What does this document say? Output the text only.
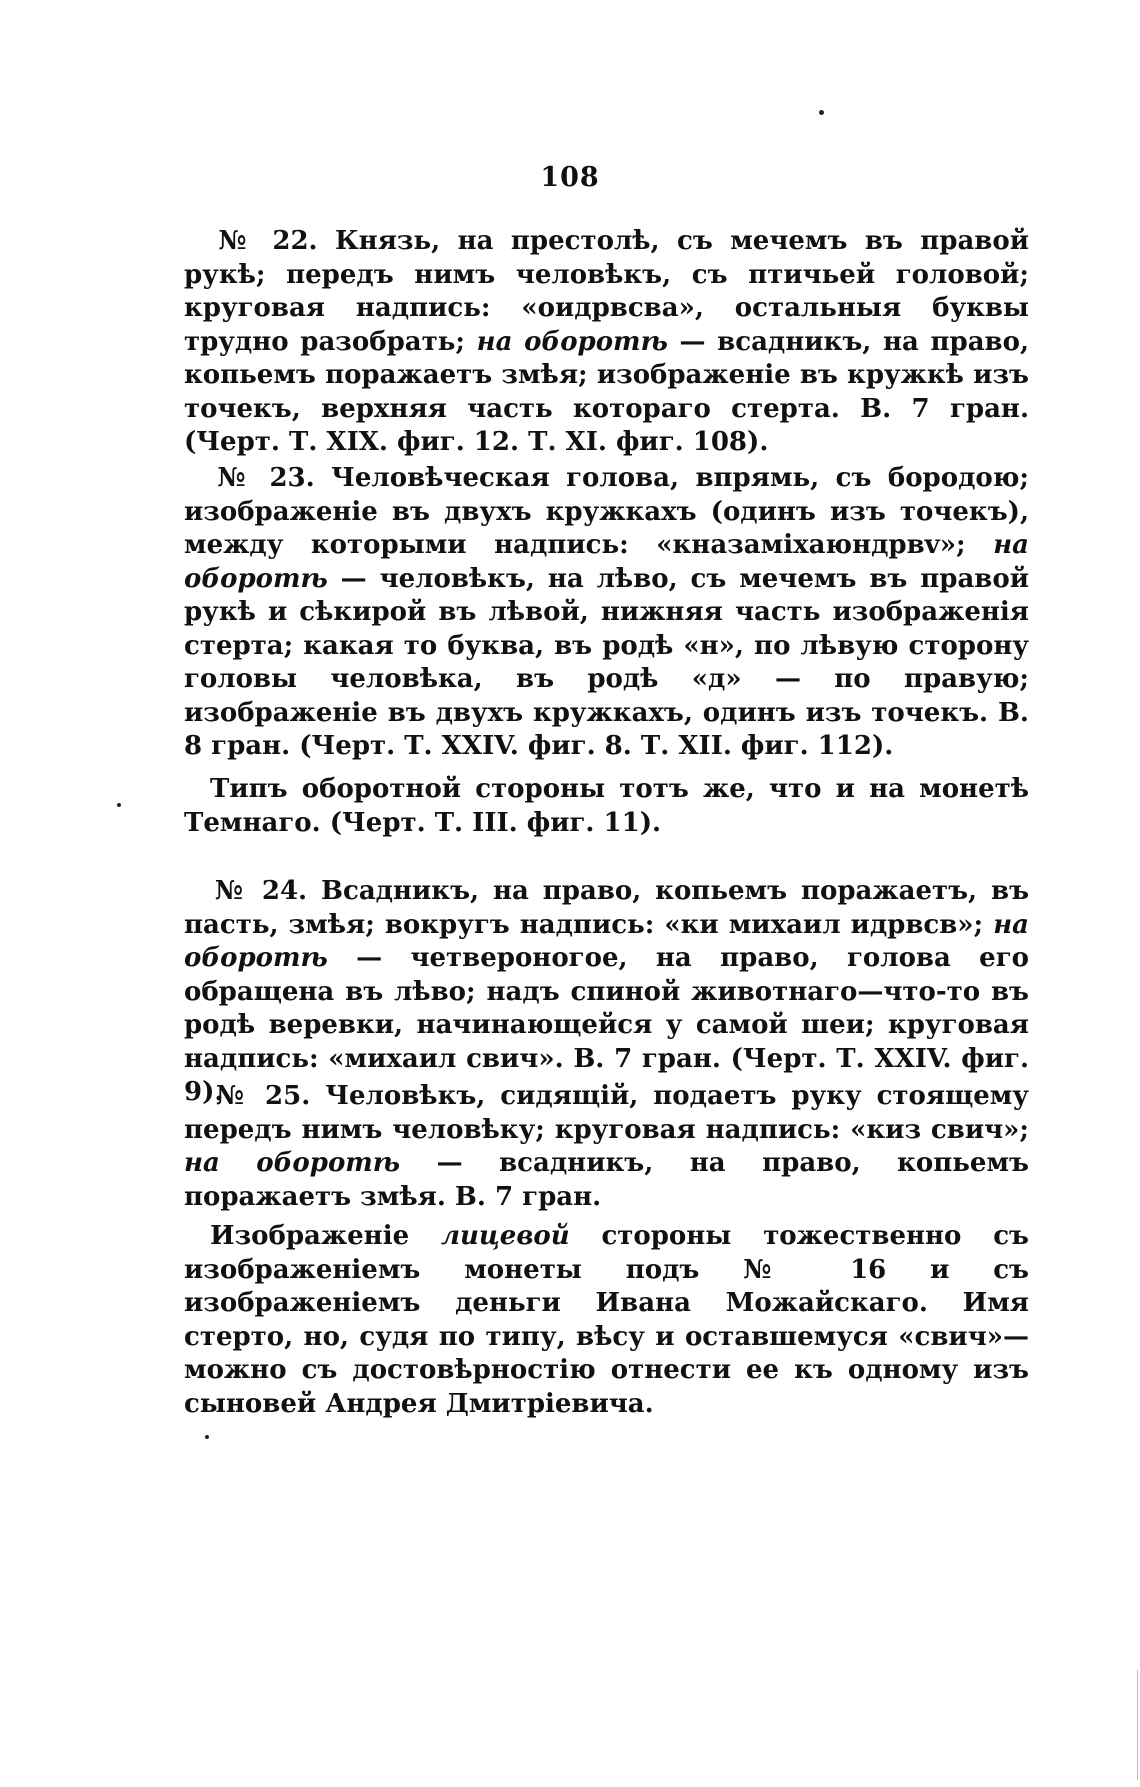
108

 № 22. Князь, на престолѣ, съ мечемъ въ правой рукѣ; передъ нимъ человѣкъ, съ птичьей головой; круговая надпись: «оидрвсва», остальныя буквы трудно разобрать; на оборотѣ — всадникъ, на право, копьемъ поражаетъ змѣя; изображеніе въ кружкѣ изъ точекъ, верхняя часть котораго стерта. В. 7 гран. (Черт. Т. XIX. фиг. 12. Т. XI. фиг. 108).

 № 23. Человѣческая голова, впрямь, съ бородою; изображеніе въ двухъ кружкахъ (одинъ изъ точекъ), между которыми надпись: «кназамiхаюндрвv»; на оборотѣ — человѣкъ, на лѣво, съ мечемъ въ правой рукѣ и сѣкирой въ лѣвой, нижняя часть изображенія стерта; какая то буква, въ родѣ «н», по лѣвую сторону головы человѣка, въ родѣ «д» — по правую; изображеніе въ двухъ кружкахъ, одинъ изъ точекъ. В. 8 гран. (Черт. Т. XXIV. фиг. 8. Т. XII. фиг. 112).

 Типъ оборотной стороны тотъ же, что и на монетѣ Темнаго. (Черт. Т. III. фиг. 11).

 № 24. Всадникъ, на право, копьемъ поражаетъ, въ пасть, змѣя; вокругъ надпись: «ки михаил идрвсв»; на оборотѣ — четвероногое, на право, голова его обращена въ лѣво; надъ спиной животнаго—что-то въ родѣ веревки, начинающейся у самой шеи; круговая надпись: «михаил свич». В. 7 гран. (Черт. Т. XXIV. фиг. 9).

 № 25. Человѣкъ, сидящій, подаетъ руку стоящему передъ нимъ человѣку; круговая надпись: «киз свич»; на оборотѣ — всадникъ, на право, копьемъ поражаетъ змѣя. В. 7 гран.

 Изображеніе лицевой стороны тожественно съ изображеніемъ монеты подъ № 16 и съ изображеніемъ деньги Ивана Можайскаго. Имя стерто, но, судя по типу, вѣсу и оставшемуся «свич»—можно съ достовѣрностію отнести ее къ одному изъ сыновей Андрея Дмитріевича.
